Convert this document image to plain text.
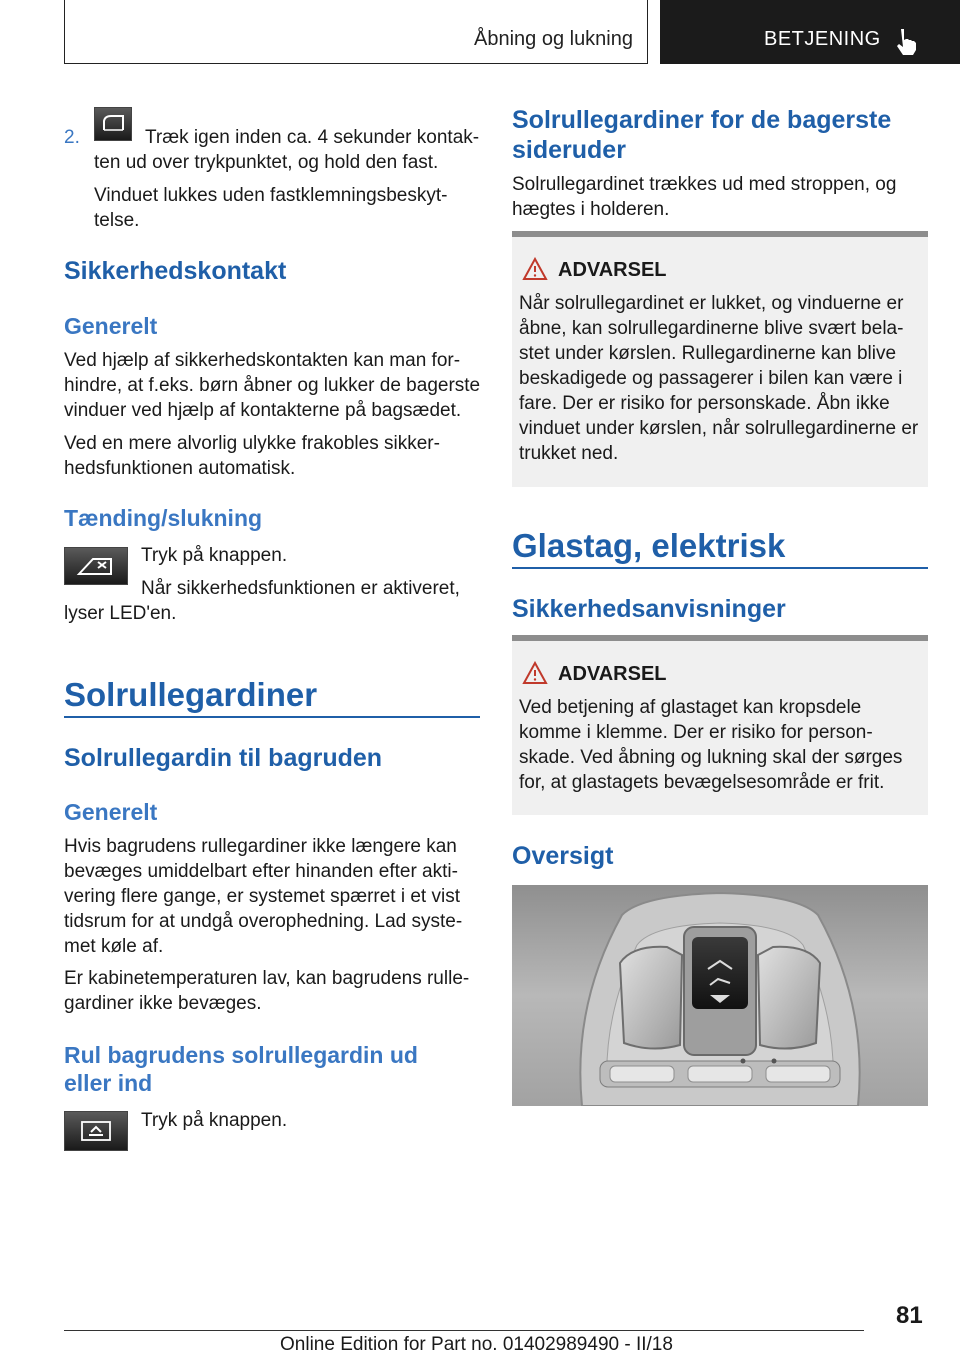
Åbning og lukning	BETJENING

2.	Træk igen inden ca. 4 sekunder kontak-

ten ud over trykpunktet, og hold den fast.

Vinduet lukkes uden fastklemningsbeskyt-

telse.

Sikkerhedskontakt

Generelt

Ved hjælp af sikkerhedskontakten kan man for-

hindre, at f.eks. børn åbner og lukker de bagerste

vinduer ved hjælp af kontakterne på bagsædet.

Ved en mere alvorlig ulykke frakobles sikker-

hedsfunktionen automatisk.

Tænding/slukning

Tryk på knappen.

Når sikkerhedsfunktionen er aktiveret,

lyser LED'en.

Solrullegardiner

Solrullegardin til bagruden

Generelt

Hvis bagrudens rullegardiner ikke længere kan

bevæges umiddelbart efter hinanden efter akti-

vering flere gange, er systemet spærret i et vist

tidsrum for at undgå overophedning. Lad syste-

met køle af.

Er kabinetemperaturen lav, kan bagrudens rulle-

gardiner ikke bevæges.

Rul bagrudens solrullegardin ud

eller ind

Tryk på knappen.

Solrullegardiner for de bagerste

sideruder

Solrullegardinet trækkes ud med stroppen, og

hægtes i holderen.

ADVARSEL
Når solrullegardinet er lukket, og vinduerne er
åbne, kan solrullegardinerne blive svært bela-
stet under kørslen. Rullegardinerne kan blive
beskadigede og passagerer i bilen kan være i
fare. Der er risiko for personskade. Åbn ikke
vinduet under kørslen, når solrullegardinerne er
trukket ned.

Glastag, elektrisk

Sikkerhedsanvisninger

ADVARSEL
Ved betjening af glastaget kan kropsdele
komme i klemme. Der er risiko for person-
skade. Ved åbning og lukning skal der sørges
for, at glastagets bevægelsesområde er frit.

Oversigt

81
Online Edition for Part no. 01402989490 - II/18
